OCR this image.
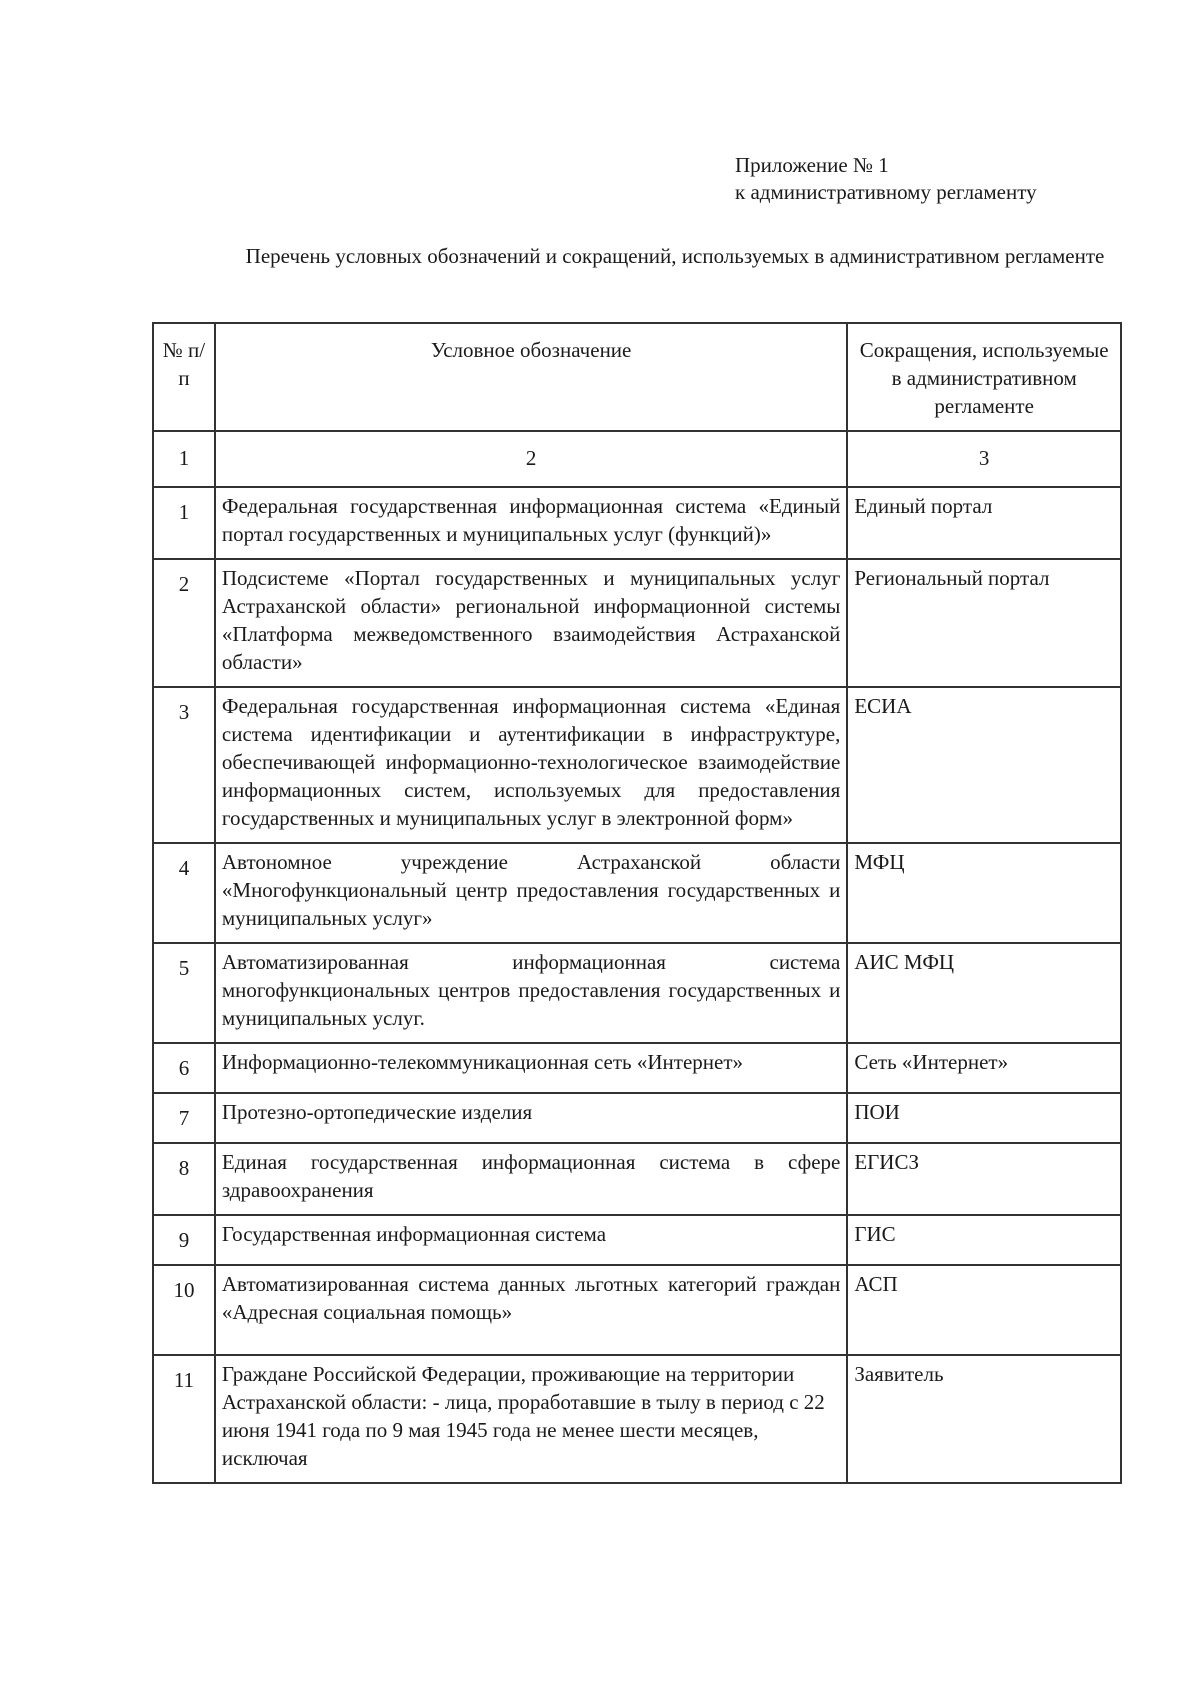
Приложение № 1
к административному регламенту
Перечень условных обозначений и сокращений, используемых в административном регламенте
№ п/п	Условное обозначение	Сокращения, используемые в административном регламенте
1	2	3
1	Федеральная государственная информационная система «Единый портал государственных и муниципальных услуг (функций)»	Единый портал
2	Подсистеме «Портал государственных и муниципальных услуг Астраханской области» региональной информационной системы «Платформа межведомственного взаимодействия Астраханской области»	Региональный портал
3	Федеральная государственная информационная система «Единая система идентификации и аутентификации в инфраструктуре, обеспечивающей информационно-технологическое взаимодействие информационных систем, используемых для предоставления государственных и муниципальных услуг в электронной форм»	ЕСИА
4	Автономное учреждение Астраханской области «Многофункциональный центр предоставления государственных и муниципальных услуг»	МФЦ
5	Автоматизированная информационная система многофункциональных центров предоставления государственных и муниципальных услуг.	АИС МФЦ
6	Информационно-телекоммуникационная сеть «Интернет»	Сеть «Интернет»
7	Протезно-ортопедические изделия	ПОИ
8	Единая государственная информационная система в сфере здравоохранения	ЕГИСЗ
9	Государственная информационная система	ГИС
10	Автоматизированная система данных льготных категорий граждан «Адресная социальная помощь»	АСП
11	Граждане Российской Федерации, проживающие на территории Астраханской области: - лица, проработавшие в тылу в период с 22 июня 1941 года по 9 мая 1945 года не менее шести месяцев, исключая	Заявитель
